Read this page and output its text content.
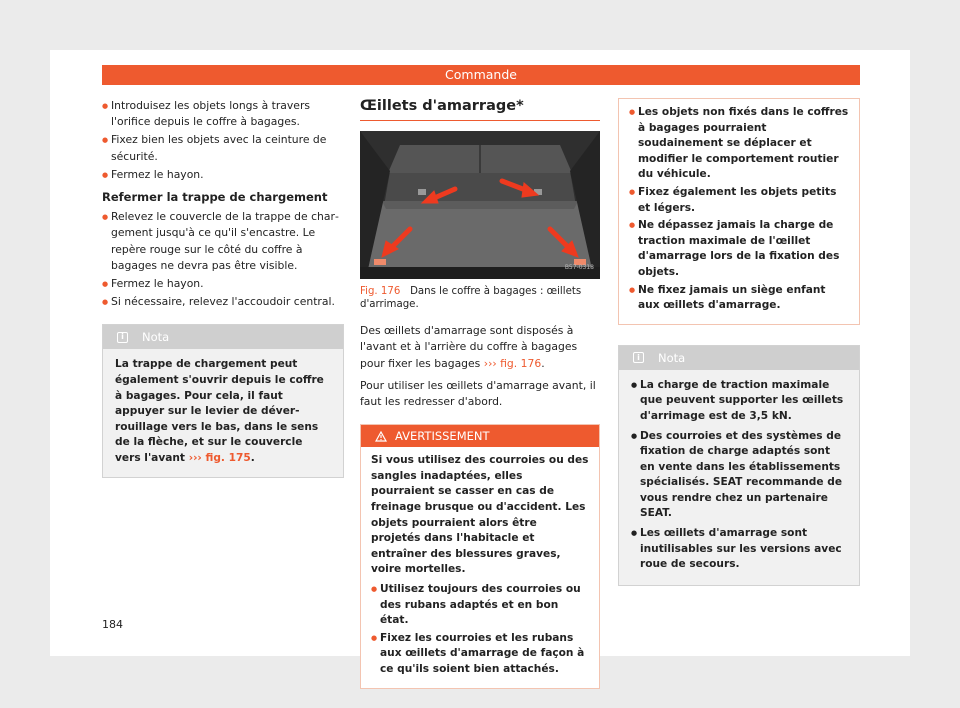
Commande
● Introduisez les objets longs à travers l'orifice depuis le coffre à bagages.
● Fixez bien les objets avec la ceinture de sécurité.
● Fermez le hayon.
Refermer la trappe de chargement
● Relevez le couvercle de la trappe de chargement jusqu'à ce qu'il s'encastre. Le repère rouge sur le côté du coffre à bagages ne devra pas être visible.
● Fermez le hayon.
● Si nécessaire, relevez l'accoudoir central.
i	Nota
La trappe de chargement peut également s'ouvrir depuis le coffre à bagages. Pour cela, il faut appuyer sur le levier de déverrouillage vers le bas, dans le sens de la flèche, et sur le couvercle vers l'avant ››› fig. 175.
Œillets d'amarrage*
B57-0318
Fig. 176 Dans le coffre à bagages : œillets d'arrimage.

Des œillets d'amarrage sont disposés à l'avant et à l'arrière du coffre à bagages pour fixer les bagages ››› fig. 176.

Pour utiliser les œillets d'amarrage avant, il faut les redresser d'abord.

AVERTISSEMENT
Si vous utilisez des courroies ou des sangles inadaptées, elles pourraient se casser en cas de freinage brusque ou d'accident. Les objets pourraient alors être projetés dans l'habitacle et entraîner des blessures graves, voire mortelles.
● Utilisez toujours des courroies ou des rubans adaptés et en bon état.
● Fixez les courroies et les rubans aux œillets d'amarrage de façon à ce qu'ils soient bien attachés.
● Les objets non fixés dans le coffres à bagages pourraient soudainement se déplacer et modifier le comportement routier du véhicule.
● Fixez également les objets petits et légers.
● Ne dépassez jamais la charge de traction maximale de l'œillet d'amarrage lors de la fixation des objets.
● Ne fixez jamais un siège enfant aux œillets d'amarrage.
i	Nota
● La charge de traction maximale que peuvent supporter les œillets d'arrimage est de 3,5 kN.
● Des courroies et des systèmes de fixation de charge adaptés sont en vente dans les établissements spécialisés. SEAT recommande de vous rendre chez un partenaire SEAT.
● Les œillets d'amarrage sont inutilisables sur les versions avec roue de secours.
184
